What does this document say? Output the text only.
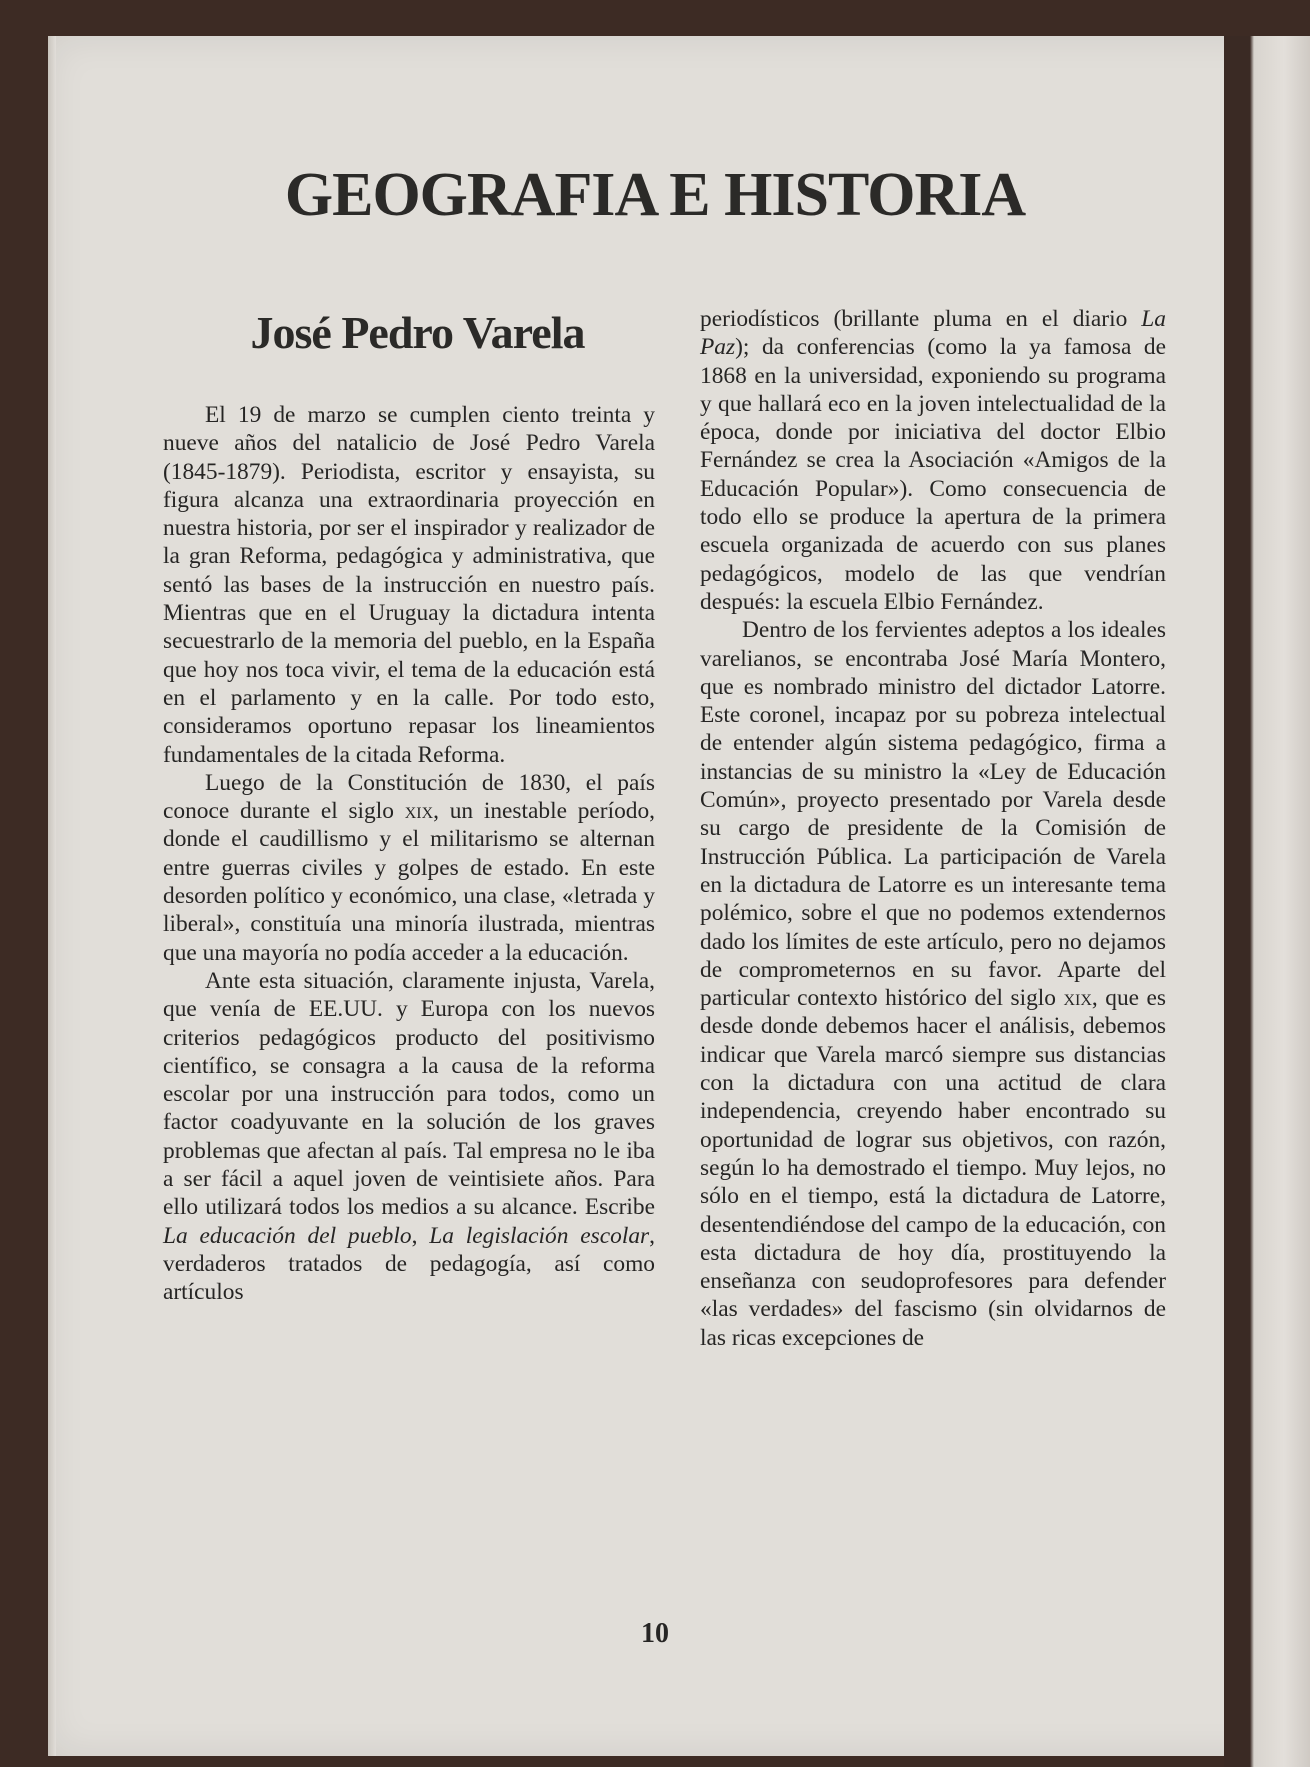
GEOGRAFIA E HISTORIA
José Pedro Varela

El 19 de marzo se cumplen ciento treinta y nueve años del natalicio de José Pedro Varela (1845-1879). Periodista, escritor y ensayista, su figura alcanza una extraordinaria proyección en nuestra historia, por ser el inspirador y realizador de la gran Reforma, pedagógica y administrativa, que sentó las bases de la instrucción en nuestro país. Mientras que en el Uruguay la dictadura intenta secuestrarlo de la memoria del pueblo, en la España que hoy nos toca vivir, el tema de la educación está en el parlamento y en la calle. Por todo esto, consideramos oportuno repasar los lineamientos fundamentales de la citada Reforma.

Luego de la Constitución de 1830, el país conoce durante el siglo xix, un inestable período, donde el caudillismo y el militarismo se alternan entre guerras civiles y golpes de estado. En este desorden político y económico, una clase, «letrada y liberal», constituía una minoría ilustrada, mientras que una mayoría no podía acceder a la educación.

Ante esta situación, claramente injusta, Varela, que venía de EE.UU. y Europa con los nuevos criterios pedagógicos producto del positivismo científico, se consagra a la causa de la reforma escolar por una instrucción para todos, como un factor coadyuvante en la solución de los graves problemas que afectan al país. Tal empresa no le iba a ser fácil a aquel joven de veintisiete años. Para ello utilizará todos los medios a su alcance. Escribe La educación del pueblo, La legislación escolar, verdaderos tratados de pedagogía, así como artículos

periodísticos (brillante pluma en el diario La Paz); da conferencias (como la ya famosa de 1868 en la universidad, exponiendo su programa y que hallará eco en la joven intelectualidad de la época, donde por iniciativa del doctor Elbio Fernández se crea la Asociación «Amigos de la Educación Popular»). Como consecuencia de todo ello se produce la apertura de la primera escuela organizada de acuerdo con sus planes pedagógicos, modelo de las que vendrían después: la escuela Elbio Fernández.

Dentro de los fervientes adeptos a los ideales varelianos, se encontraba José María Montero, que es nombrado ministro del dictador Latorre. Este coronel, incapaz por su pobreza intelectual de entender algún sistema pedagógico, firma a instancias de su ministro la «Ley de Educación Común», proyecto presentado por Varela desde su cargo de presidente de la Comisión de Instrucción Pública. La participación de Varela en la dictadura de Latorre es un interesante tema polémico, sobre el que no podemos extendernos dado los límites de este artículo, pero no dejamos de comprometernos en su favor. Aparte del particular contexto histórico del siglo xix, que es desde donde debemos hacer el análisis, debemos indicar que Varela marcó siempre sus distancias con la dictadura con una actitud de clara independencia, creyendo haber encontrado su oportunidad de lograr sus objetivos, con razón, según lo ha demostrado el tiempo. Muy lejos, no sólo en el tiempo, está la dictadura de Latorre, desentendiéndose del campo de la educación, con esta dictadura de hoy día, prostituyendo la enseñanza con seudoprofesores para defender «las verdades» del fascismo (sin olvidarnos de las ricas excepciones de

10
